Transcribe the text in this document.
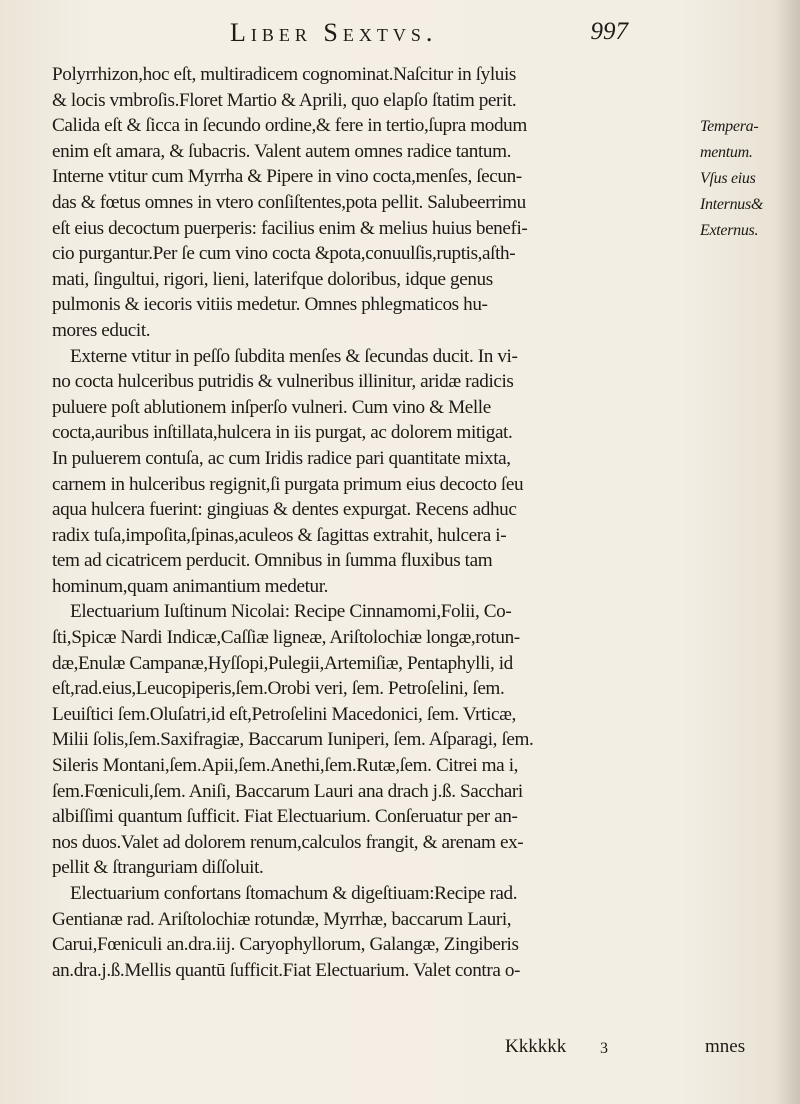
Liber Sextvs.	997
Polyrrhizon,hoc eſt, multiradicem cognominat.Naſcitur in ſyluis
& locis vmbroſis.Floret Martio & Aprili, quo elapſo ſtatim perit.
Calida eſt & ſicca in ſecundo ordine,& fere in tertio,ſupra modum
enim eſt amara, & ſubacris. Valent autem omnes radice tantum.
Interne vtitur cum Myrrha & Pipere in vino cocta,menſes, ſecun-
das & fœtus omnes in vtero conſiſtentes,pota pellit. Salubeerrimu
eſt eius decoctum puerperis: facilius enim & melius huius benefi-
cio purgantur.Per ſe cum vino cocta &pota,conuulſis,ruptis,aſth-
mati, ſingultui, rigori, lieni, laterifque doloribus, idque genus
pulmonis & iecoris vitiis medetur. Omnes phlegmaticos hu-
mores educit.
Externe vtitur in peſſo ſubdita menſes & ſecundas ducit. In vi-
no cocta hulceribus putridis & vulneribus illinitur, aridæ radicis
puluere poſt ablutionem inſperſo vulneri. Cum vino & Melle
cocta,auribus inſtillata,hulcera in iis purgat, ac dolorem mitigat.
In puluerem contuſa, ac cum Iridis radice pari quantitate mixta,
carnem in hulceribus regignit,ſi purgata primum eius decocto ſeu
aqua hulcera fuerint: gingiuas & dentes expurgat. Recens adhuc
radix tuſa,impoſita,ſpinas,aculeos & ſagittas extrahit, hulcera i-
tem ad cicatricem perducit. Omnibus in ſumma fluxibus tam
hominum,quam animantium medetur.
Electuarium Iuſtinum Nicolai: Recipe Cinnamomi,Folii, Co-
ſti,Spicæ Nardi Indicæ,Caſſiæ ligneæ, Ariſtolochiæ longæ,rotun-
dæ,Enulæ Campanæ,Hyſſopi,Pulegii,Artemiſiæ, Pentaphylli, id
eſt,rad.eius,Leucopiperis,ſem.Orobi veri, ſem. Petroſelini, ſem.
Leuiſtici ſem.Oluſatri,id eſt,Petroſelini Macedonici, ſem. Vrticæ,
Milii ſolis,ſem.Saxifragiæ, Baccarum Iuniperi, ſem. Aſparagi, ſem.
Sileris Montani,ſem.Apii,ſem.Anethi,ſem.Rutæ,ſem. Citrei ma i,
ſem.Fœniculi,ſem. Aniſi, Baccarum Lauri ana drach j.ß. Sacchari
albiſſimi quantum ſufficit. Fiat Electuarium. Conſeruatur per an-
nos duos.Valet ad dolorem renum,calculos frangit, & arenam ex-
pellit & ſtranguriam diſſoluit.
Electuarium confortans ſtomachum & digeſtiuam:Recipe rad.
Gentianæ rad. Ariſtolochiæ rotundæ, Myrrhæ, baccarum Lauri,
Carui,Fœniculi an.dra.iij. Caryophyllorum, Galangæ, Zingiberis
an.dra.j.ß.Mellis quantū ſufficit.Fiat Electuarium. Valet contra o-
Tempera-
mentum.
Vſus eius
Internus&
Externus.
Kkkkkk 3	mnes
